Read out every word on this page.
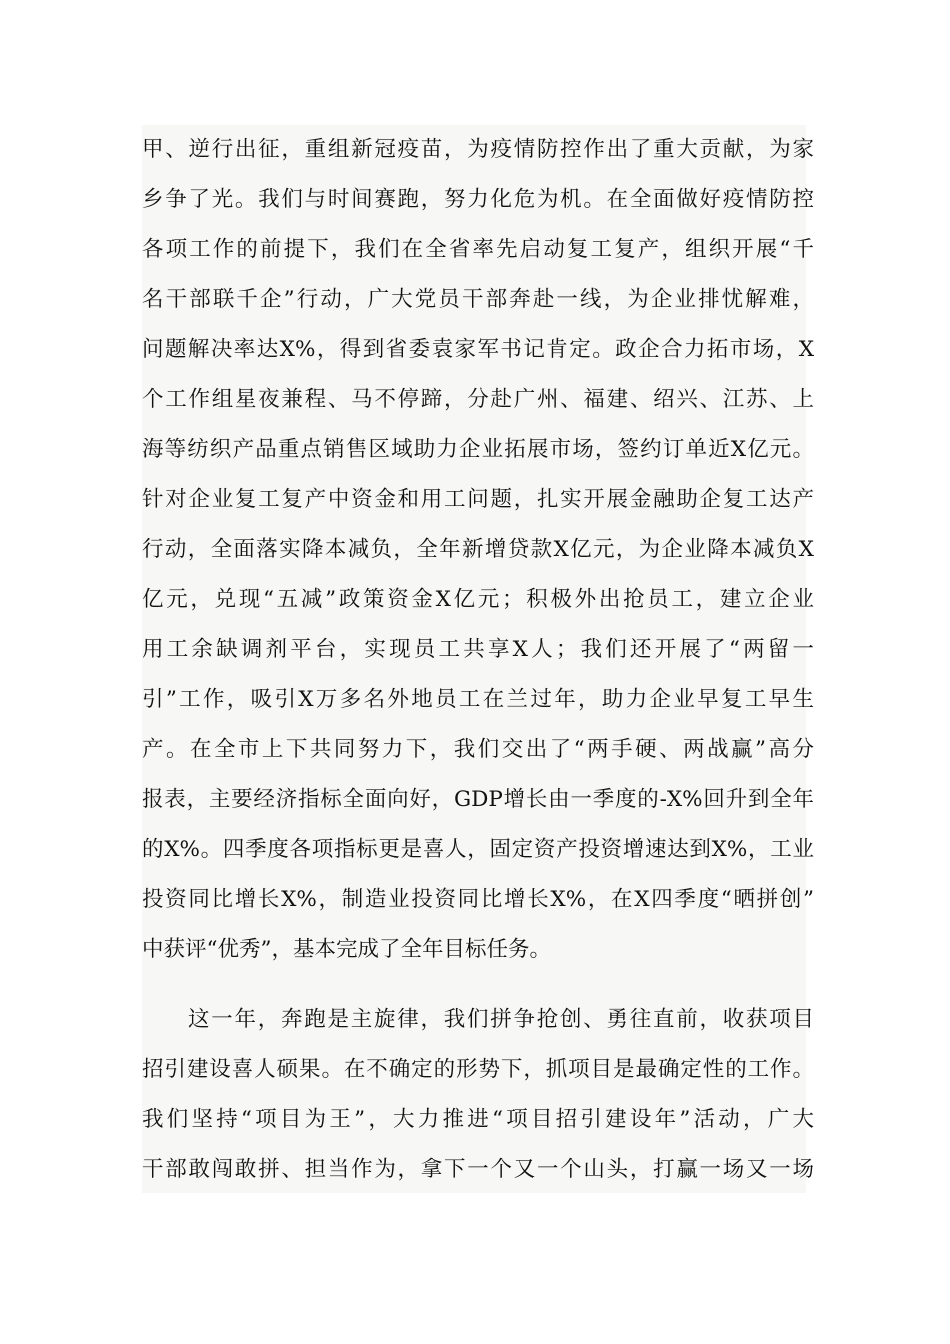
甲、逆行出征，重组新冠疫苗，为疫情防控作出了重大贡献，为家
乡争了光。我们与时间赛跑，努力化危为机。在全面做好疫情防控
各项工作的前提下，我们在全省率先启动复工复产，组织开展“千
名干部联千企”行动，广大党员干部奔赴一线，为企业排忧解难，
问题解决率达X%，得到省委袁家军书记肯定。政企合力拓市场，X
个工作组星夜兼程、马不停蹄，分赴广州、福建、绍兴、江苏、上
海等纺织产品重点销售区域助力企业拓展市场，签约订单近X亿元。
针对企业复工复产中资金和用工问题，扎实开展金融助企复工达产
行动，全面落实降本减负，全年新增贷款X亿元，为企业降本减负X
亿元，兑现“五减”政策资金X亿元；积极外出抢员工，建立企业
用工余缺调剂平台，实现员工共享X人；我们还开展了“两留一
引”工作，吸引X万多名外地员工在兰过年，助力企业早复工早生
产。在全市上下共同努力下，我们交出了“两手硬、两战赢”高分
报表，主要经济指标全面向好，GDP增长由一季度的-X%回升到全年
的X%。四季度各项指标更是喜人，固定资产投资增速达到X%，工业
投资同比增长X%，制造业投资同比增长X%，在X四季度“晒拼创”
中获评“优秀”，基本完成了全年目标任务。
这一年，奔跑是主旋律，我们拼争抢创、勇往直前，收获项目
招引建设喜人硕果。在不确定的形势下，抓项目是最确定性的工作。
我们坚持“项目为王”，大力推进“项目招引建设年”活动，广大
干部敢闯敢拼、担当作为，拿下一个又一个山头，打赢一场又一场
